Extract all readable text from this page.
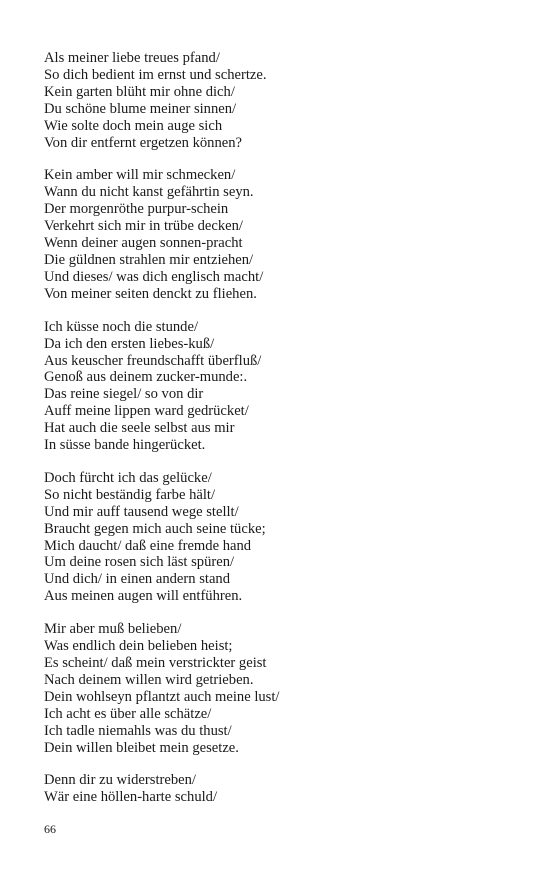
Als meiner liebe treues pfand/
So dich bedient im ernst und schertze.
Kein garten blüht mir ohne dich/
Du schöne blume meiner sinnen/
Wie solte doch mein auge sich
Von dir entfernt ergetzen können?
Kein amber will mir schmecken/
Wann du nicht kanst gefährtin seyn.
Der morgenröthe purpur-schein
Verkehrt sich mir in trübe decken/
Wenn deiner augen sonnen-pracht
Die güldnen strahlen mir entziehen/
Und dieses/ was dich englisch macht/
Von meiner seiten denckt zu fliehen.
Ich küsse noch die stunde/
Da ich den ersten liebes-kuß/
Aus keuscher freundschafft überfluß/
Genoß aus deinem zucker-munde:.
Das reine siegel/ so von dir
Auff meine lippen ward gedrücket/
Hat auch die seele selbst aus mir
In süsse bande hingerücket.
Doch fürcht ich das gelücke/
So nicht beständig farbe hält/
Und mir auff tausend wege stellt/
Braucht gegen mich auch seine tücke;
Mich daucht/ daß eine fremde hand
Um deine rosen sich läst spüren/
Und dich/ in einen andern stand
Aus meinen augen will entführen.
Mir aber muß belieben/
Was endlich dein belieben heist;
Es scheint/ daß mein verstrickter geist
Nach deinem willen wird getrieben.
Dein wohlseyn pflantzt auch meine lust/
Ich acht es über alle schätze/
Ich tadle niemahls was du thust/
Dein willen bleibet mein gesetze.
Denn dir zu widerstreben/
Wär eine höllen-harte schuld/
66
